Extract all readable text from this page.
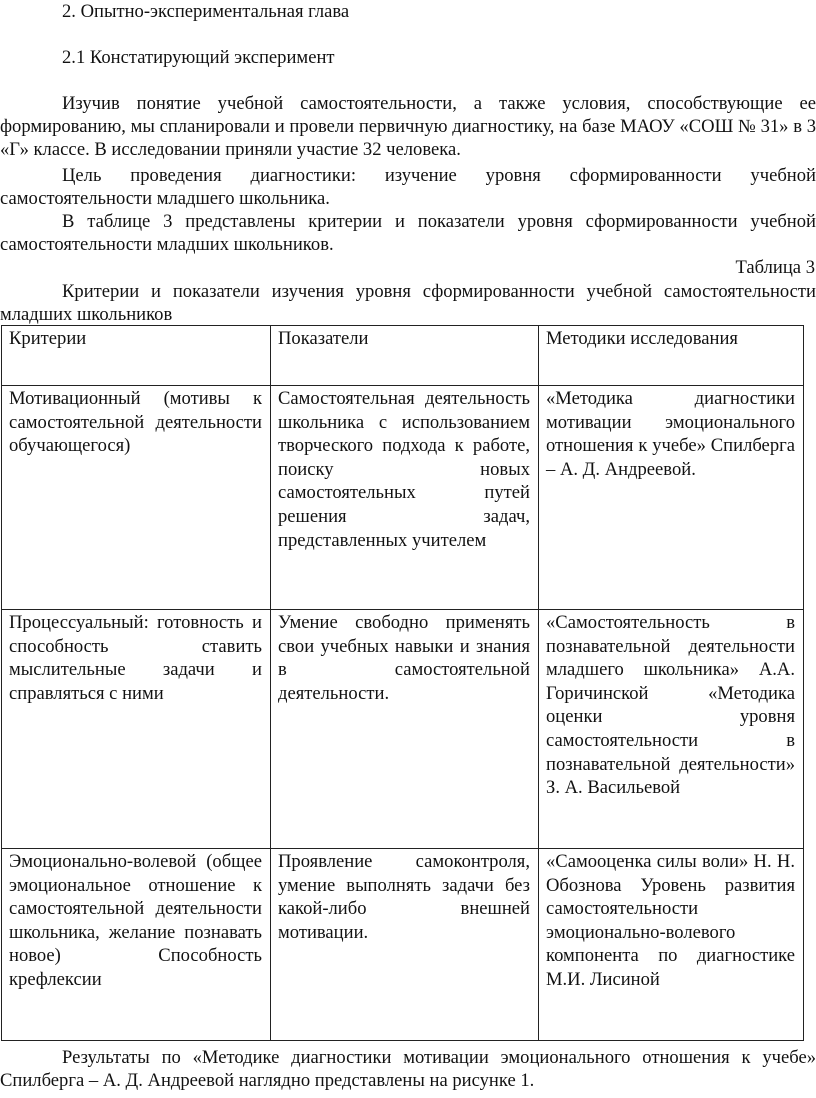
2. Опытно-экспериментальная глава

2.1 Констатирующий эксперимент

Изучив понятие учебной самостоятельности, а также условия, способствующие ее формированию, мы спланировали и провели первичную диагностику, на базе МАОУ «СОШ № 31» в 3 «Г» классе. В исследовании приняли участие 32 человека.

Цель проведения диагностики: изучение уровня сформированности учебной самостоятельности младшего школьника.

В таблице 3 представлены критерии и показатели уровня сформированности учебной самостоятельности младших школьников.

Таблица 3

Критерии и показатели изучения уровня сформированности учебной самостоятельности младших школьников

Критерии	Показатели	Методики исследования
Мотивационный (мотивы к самостоятельной деятельности обучающегося)	Самостоятельная деятельность школьника с использованием творческого подхода к работе, поиску новых самостоятельных путей решения задач, представленных учителем	«Методика диагностики мотивации эмоционального отношения к учебе» Спилберга – А. Д. Андреевой.
Процессуальный: готовность и способность ставить мыслительные задачи и справляться с ними	Умение свободно применять свои учебных навыки и знания в самостоятельной деятельности.	«Самостоятельность в познавательной деятельности младшего школьника» А.А. Горичинской «Методика оценки уровня самостоятельности в познавательной деятельности» З. А. Васильевой
Эмоционально-волевой (общее эмоциональное отношение к самостоятельной деятельности школьника, желание познавать новое) Способность крефлексии	Проявление самоконтроля, умение выполнять задачи без какой-либо внешней мотивации.	«Самооценка силы воли» Н. Н. Обознова Уровень развития самостоятельности эмоционально-волевого компонента по диагностике М.И. Лисиной

Результаты по «Методике диагностики мотивации эмоционального отношения к учебе» Спилберга – А. Д. Андреевой наглядно представлены на рисунке 1.
